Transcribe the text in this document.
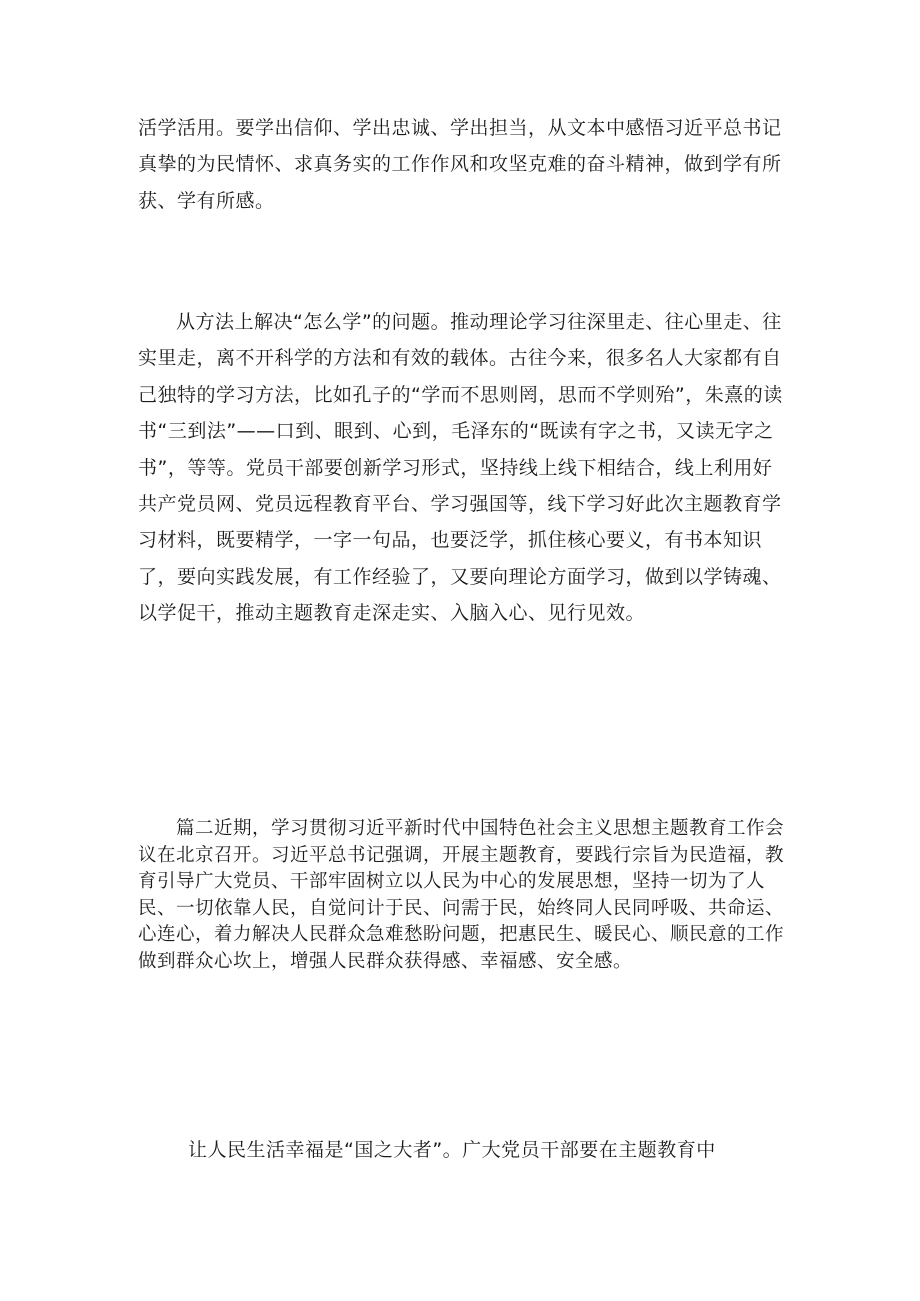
活学活用。要学出信仰、学出忠诚、学出担当，从文本中感悟习近平总书记真挚的为民情怀、求真务实的工作作风和攻坚克难的奋斗精神，做到学有所获、学有所感。

从方法上解决“怎么学”的问题。推动理论学习往深里走、往心里走、往实里走，离不开科学的方法和有效的载体。古往今来，很多名人大家都有自己独特的学习方法，比如孔子的“学而不思则罔，思而不学则殆”，朱熹的读书“三到法”——口到、眼到、心到，毛泽东的“既读有字之书，又读无字之书”，等等。党员干部要创新学习形式，坚持线上线下相结合，线上利用好共产党员网、党员远程教育平台、学习强国等，线下学习好此次主题教育学习材料，既要精学，一字一句品，也要泛学，抓住核心要义，有书本知识了，要向实践发展，有工作经验了，又要向理论方面学习，做到以学铸魂、以学促干，推动主题教育走深走实、入脑入心、见行见效。

篇二近期，学习贯彻习近平新时代中国特色社会主义思想主题教育工作会议在北京召开。习近平总书记强调，开展主题教育，要践行宗旨为民造福，教育引导广大党员、干部牢固树立以人民为中心的发展思想，坚持一切为了人民、一切依靠人民，自觉问计于民、问需于民，始终同人民同呼吸、共命运、心连心，着力解决人民群众急难愁盼问题，把惠民生、暖民心、顺民意的工作做到群众心坎上，增强人民群众获得感、幸福感、安全感。

让人民生活幸福是“国之大者”。广大党员干部要在主题教育中
